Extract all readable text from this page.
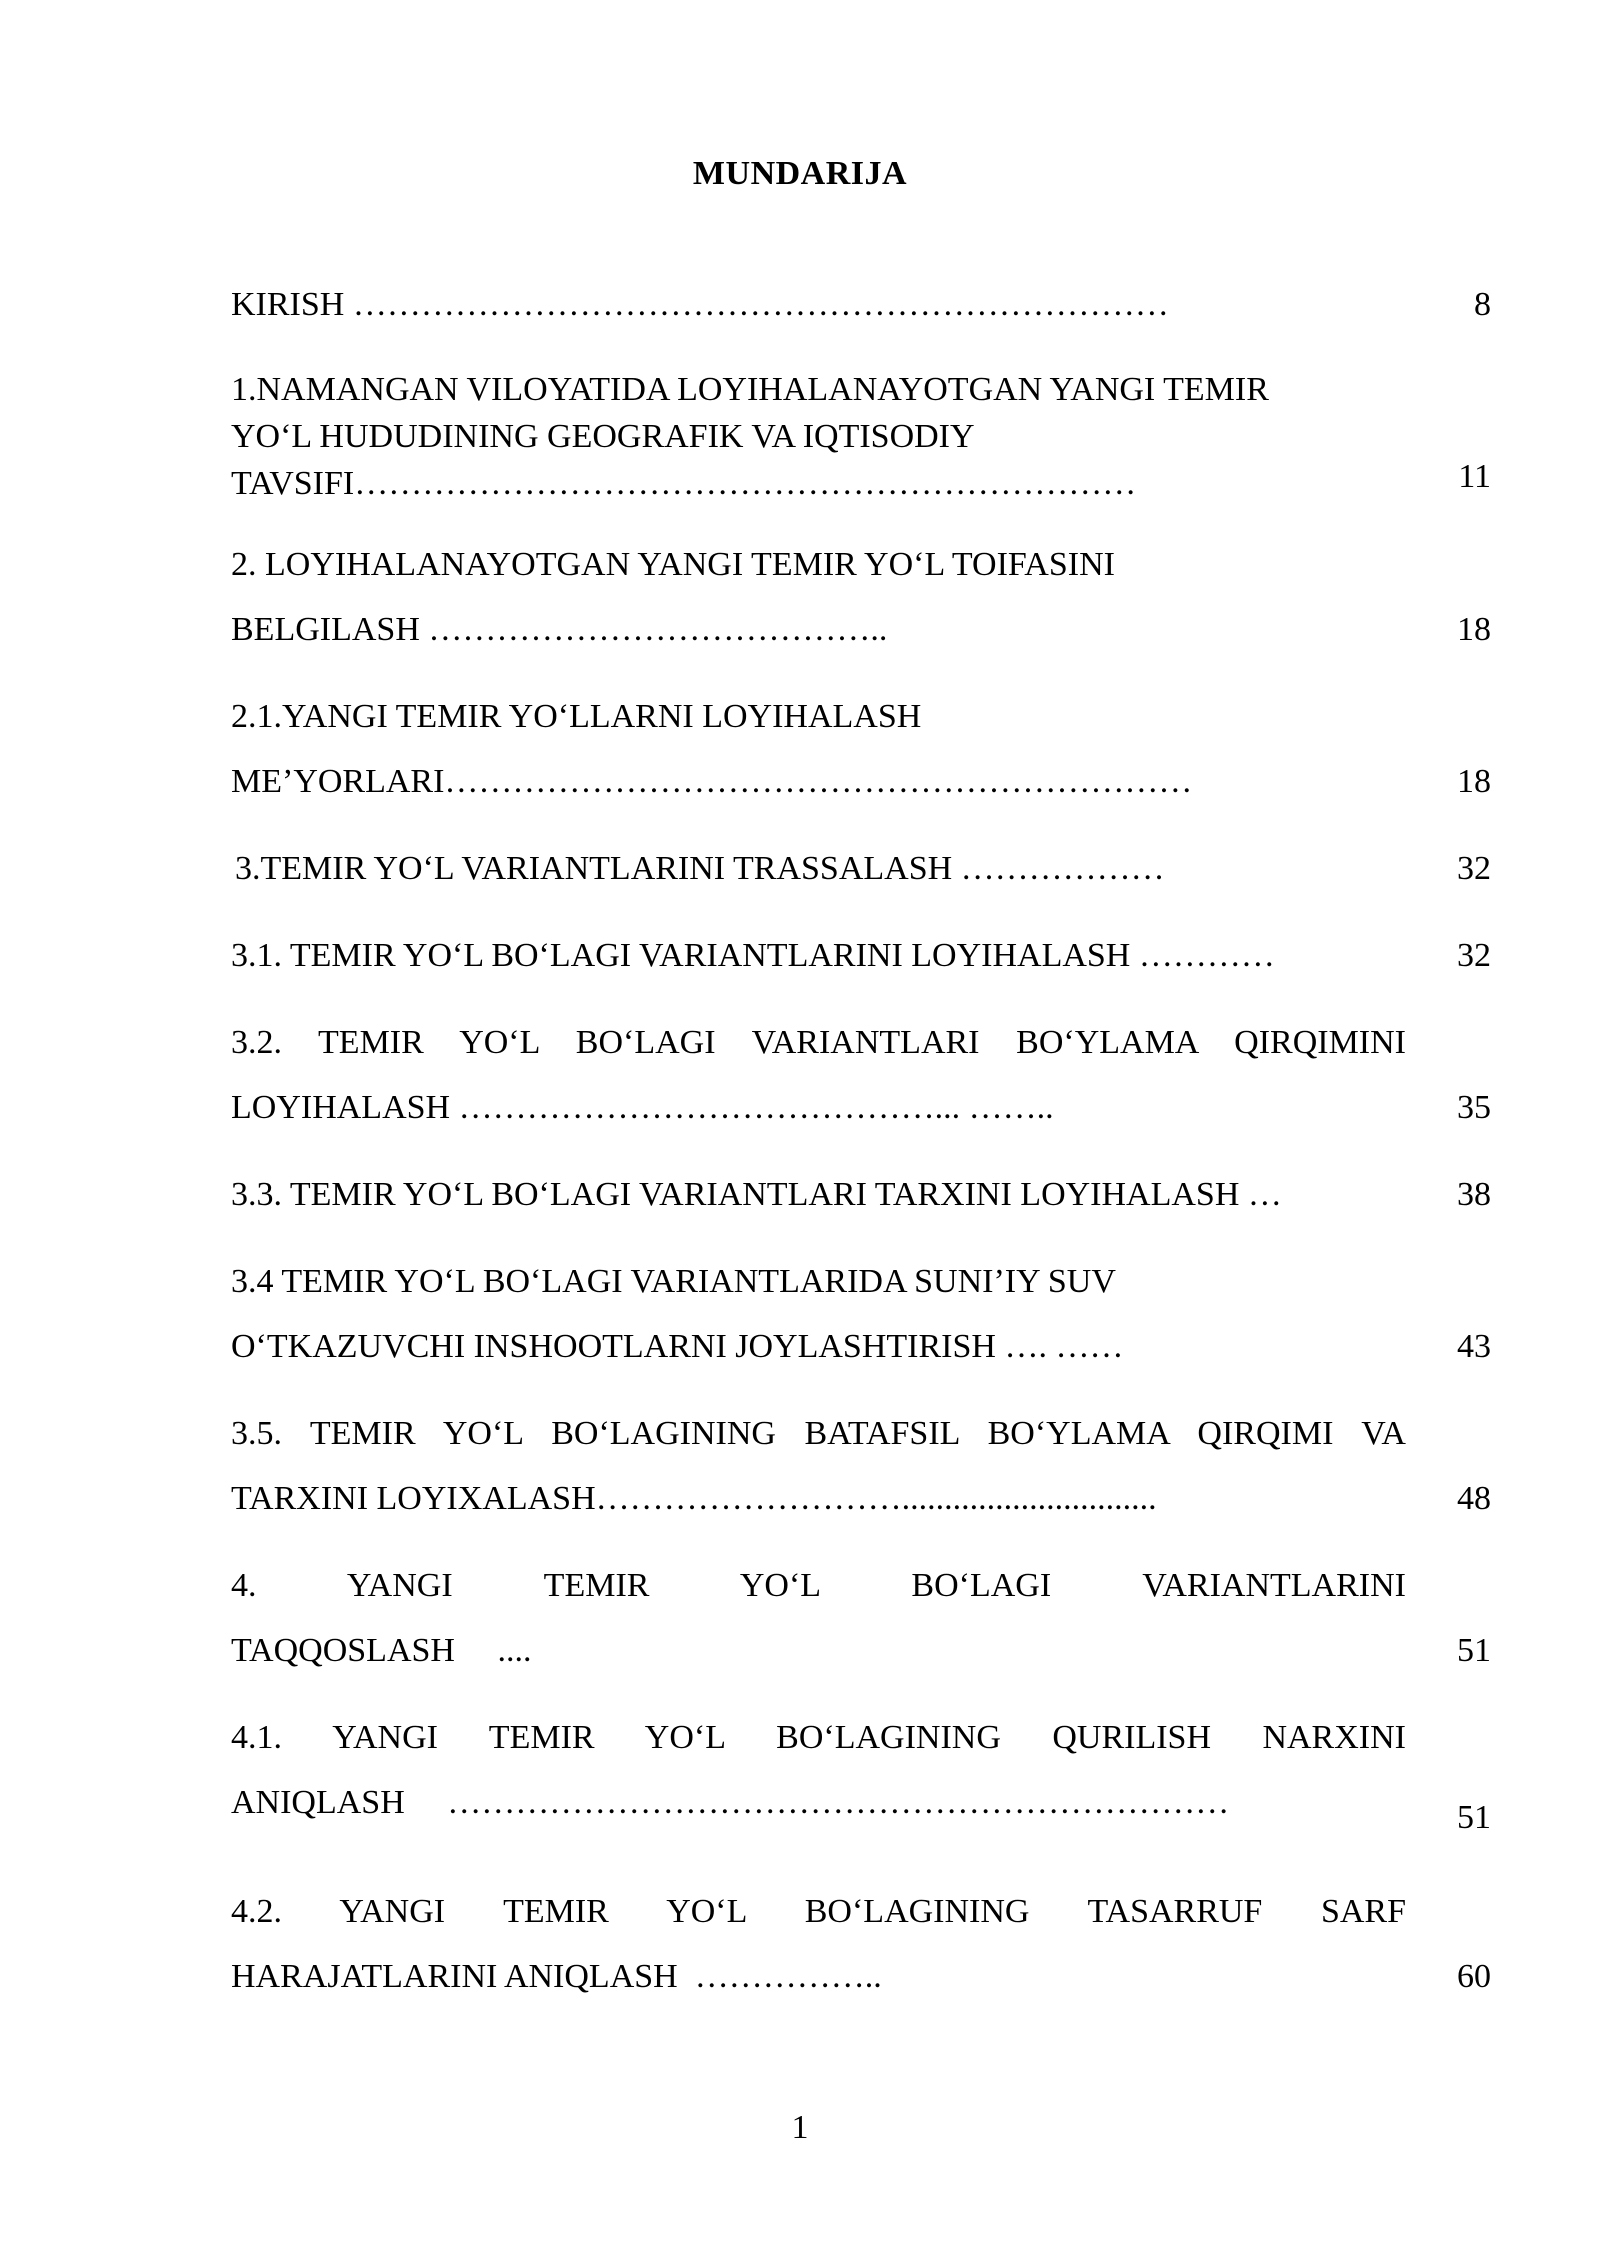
MUNDARIJA
KIRISH ………………………………………………………………	8
1.NAMANGAN VILOYATIDA LOYIHALANAYOTGAN YANGI TEMIR
YO‘L HUDUDINING GEOGRAFIK VA IQTISODIY
TAVSIFI……………………………………………………………	11
2. LOYIHALANAYOTGAN YANGI TEMIR YO‘L TOIFASINI
BELGILASH …………………………………..	18
2.1.YANGI TEMIR YO‘LLARNI LOYIHALASH
ME’YORLARI…………………………………………………………	18
3.TEMIR YO‘L VARIANTLARINI TRASSALASH ………………	32
3.1. TEMIR YO‘L BO‘LAGI VARIANTLARINI LOYIHALASH …………	32
3.2. TEMIR YO‘L BO‘LAGI VARIANTLARI BO‘YLAMA QIRQIMINI
LOYIHALASH ……………………………………... ……..	35
3.3. TEMIR YO‘L BO‘LAGI VARIANTLARI TARXINI LOYIHALASH …	38
3.4 TEMIR YO‘L BO‘LAGI VARIANTLARIDA SUNI’IY SUV
O‘TKAZUVCHI INSHOOTLARNI JOYLASHTIRISH …. ……	43
3.5. TEMIR YO‘L BO‘LAGINING BATAFSIL BO‘YLAMA QIRQIMI VA
TARXINI LOYIXALASH………………………..............................	48
4. YANGI TEMIR YO‘L BO‘LAGI VARIANTLARINI
TAQQOSLASH     ....	51
4.1. YANGI TEMIR YO‘L BO‘LAGINING QURILISH NARXINI
ANIQLASH     ……………………………………………………………	51
4.2. YANGI TEMIR YO‘L BO‘LAGINING TASARRUF SARF
HARAJATLARINI ANIQLASH  ……………..	60
1
